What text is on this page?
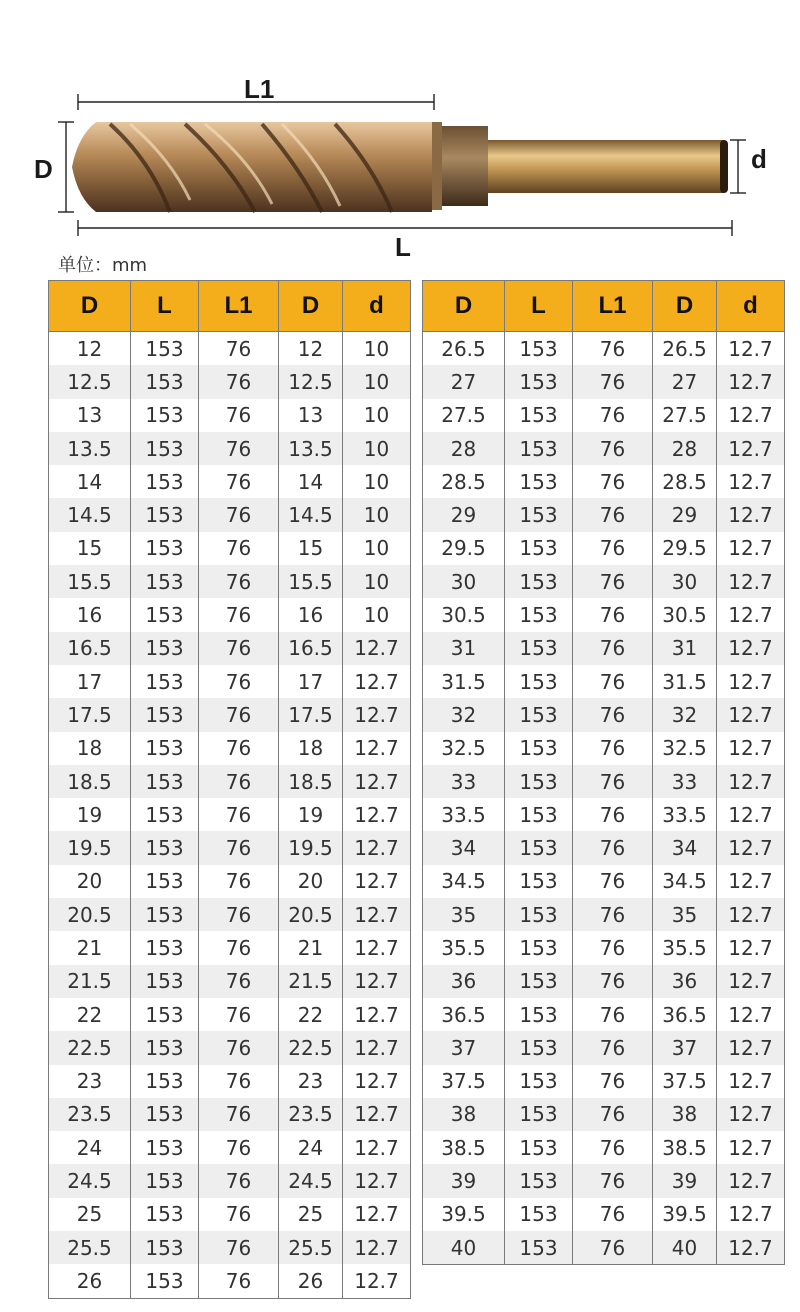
L1
D	d
L
单位：mm
D	L	L1	D	d
12	153	76	12	10
12.5	153	76	12.5	10
13	153	76	13	10
13.5	153	76	13.5	10
14	153	76	14	10
14.5	153	76	14.5	10
15	153	76	15	10
15.5	153	76	15.5	10
16	153	76	16	10
16.5	153	76	16.5	12.7
17	153	76	17	12.7
17.5	153	76	17.5	12.7
18	153	76	18	12.7
18.5	153	76	18.5	12.7
19	153	76	19	12.7
19.5	153	76	19.5	12.7
20	153	76	20	12.7
20.5	153	76	20.5	12.7
21	153	76	21	12.7
21.5	153	76	21.5	12.7
22	153	76	22	12.7
22.5	153	76	22.5	12.7
23	153	76	23	12.7
23.5	153	76	23.5	12.7
24	153	76	24	12.7
24.5	153	76	24.5	12.7
25	153	76	25	12.7
25.5	153	76	25.5	12.7
26	153	76	26	12.7
D	L	L1	D	d
26.5	153	76	26.5	12.7
27	153	76	27	12.7
27.5	153	76	27.5	12.7
28	153	76	28	12.7
28.5	153	76	28.5	12.7
29	153	76	29	12.7
29.5	153	76	29.5	12.7
30	153	76	30	12.7
30.5	153	76	30.5	12.7
31	153	76	31	12.7
31.5	153	76	31.5	12.7
32	153	76	32	12.7
32.5	153	76	32.5	12.7
33	153	76	33	12.7
33.5	153	76	33.5	12.7
34	153	76	34	12.7
34.5	153	76	34.5	12.7
35	153	76	35	12.7
35.5	153	76	35.5	12.7
36	153	76	36	12.7
36.5	153	76	36.5	12.7
37	153	76	37	12.7
37.5	153	76	37.5	12.7
38	153	76	38	12.7
38.5	153	76	38.5	12.7
39	153	76	39	12.7
39.5	153	76	39.5	12.7
40	153	76	40	12.7
